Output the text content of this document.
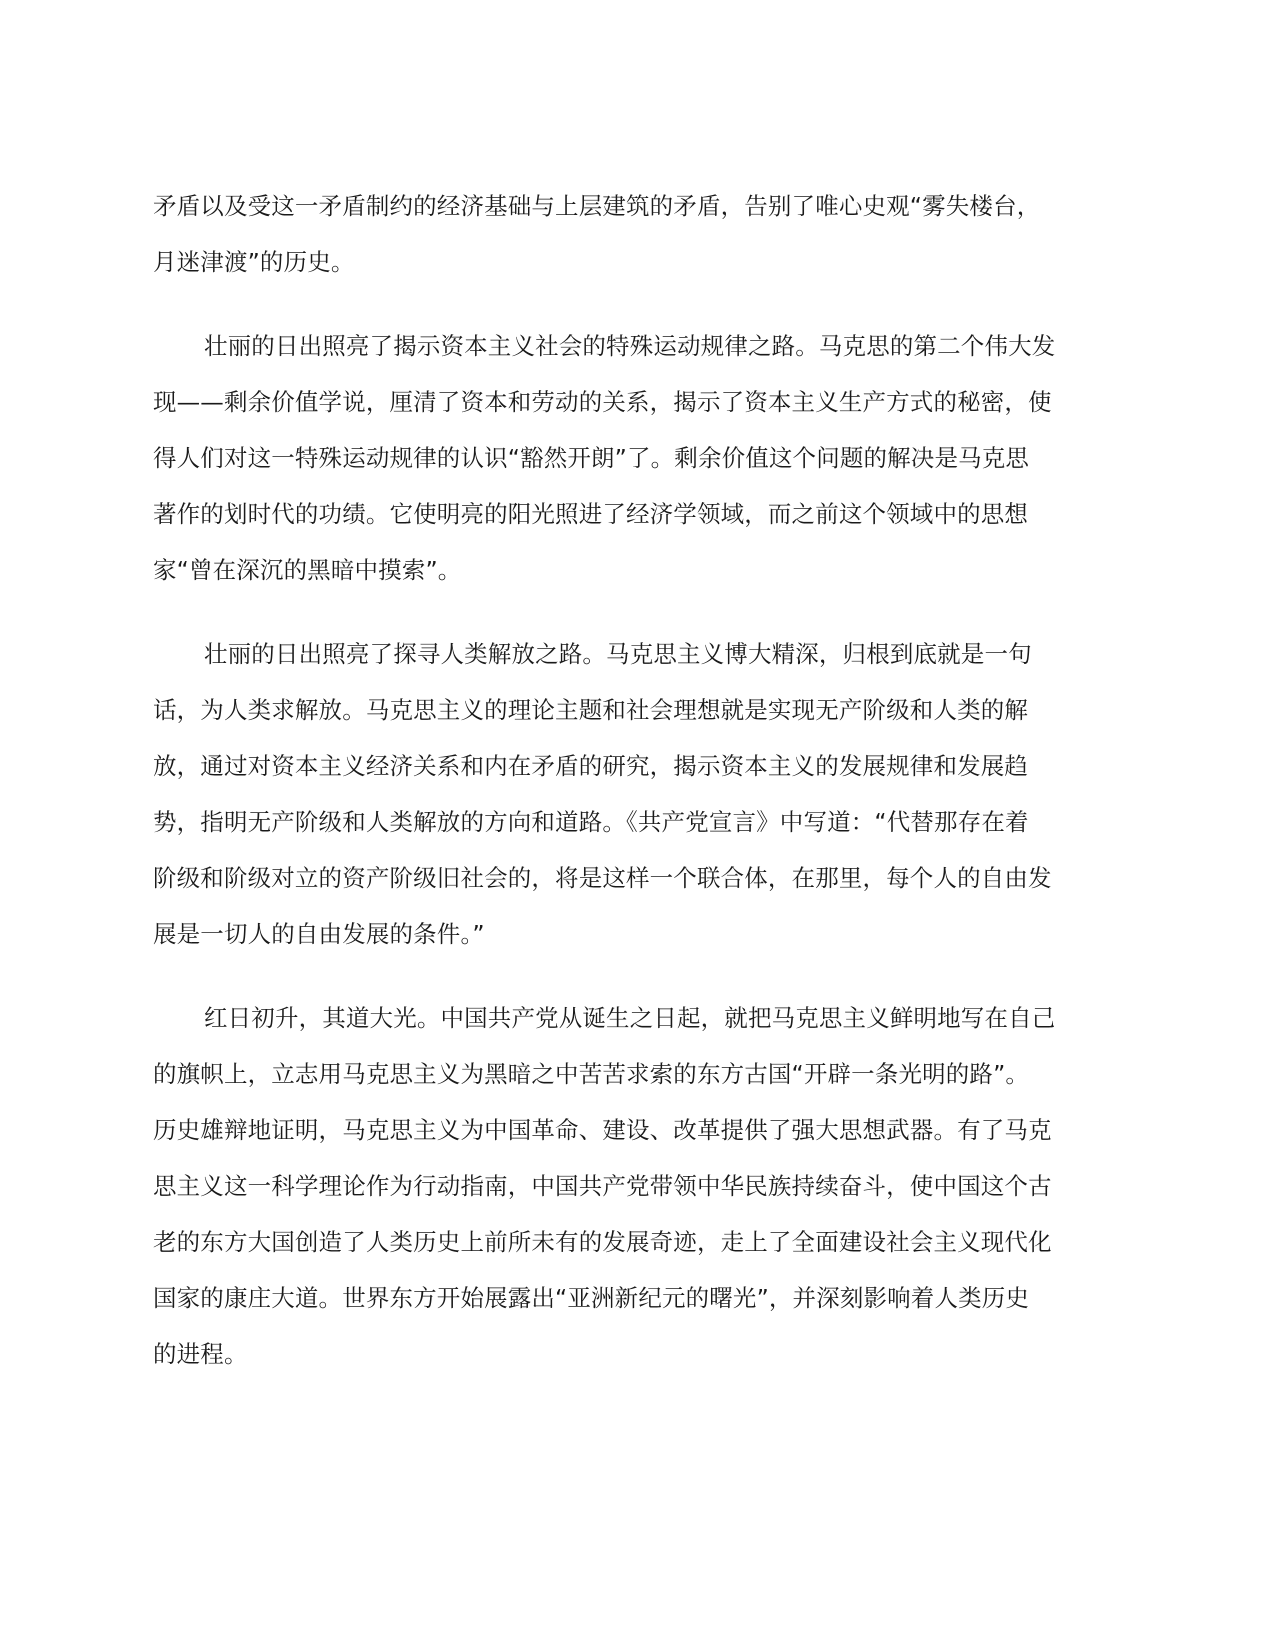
矛盾以及受这一矛盾制约的经济基础与上层建筑的矛盾，告别了唯心史观“雾失楼台，
月迷津渡”的历史。
壮丽的日出照亮了揭示资本主义社会的特殊运动规律之路。马克思的第二个伟大发
现——剩余价值学说，厘清了资本和劳动的关系，揭示了资本主义生产方式的秘密，使
得人们对这一特殊运动规律的认识“豁然开朗”了。剩余价值这个问题的解决是马克思
著作的划时代的功绩。它使明亮的阳光照进了经济学领域，而之前这个领域中的思想
家“曾在深沉的黑暗中摸索”。
壮丽的日出照亮了探寻人类解放之路。马克思主义博大精深，归根到底就是一句
话，为人类求解放。马克思主义的理论主题和社会理想就是实现无产阶级和人类的解
放，通过对资本主义经济关系和内在矛盾的研究，揭示资本主义的发展规律和发展趋
势，指明无产阶级和人类解放的方向和道路。《共产党宣言》中写道：“代替那存在着
阶级和阶级对立的资产阶级旧社会的，将是这样一个联合体，在那里，每个人的自由发
展是一切人的自由发展的条件。”
红日初升，其道大光。中国共产党从诞生之日起，就把马克思主义鲜明地写在自己
的旗帜上，立志用马克思主义为黑暗之中苦苦求索的东方古国“开辟一条光明的路”。
历史雄辩地证明，马克思主义为中国革命、建设、改革提供了强大思想武器。有了马克
思主义这一科学理论作为行动指南，中国共产党带领中华民族持续奋斗，使中国这个古
老的东方大国创造了人类历史上前所未有的发展奇迹，走上了全面建设社会主义现代化
国家的康庄大道。世界东方开始展露出“亚洲新纪元的曙光”，并深刻影响着人类历史
的进程。
